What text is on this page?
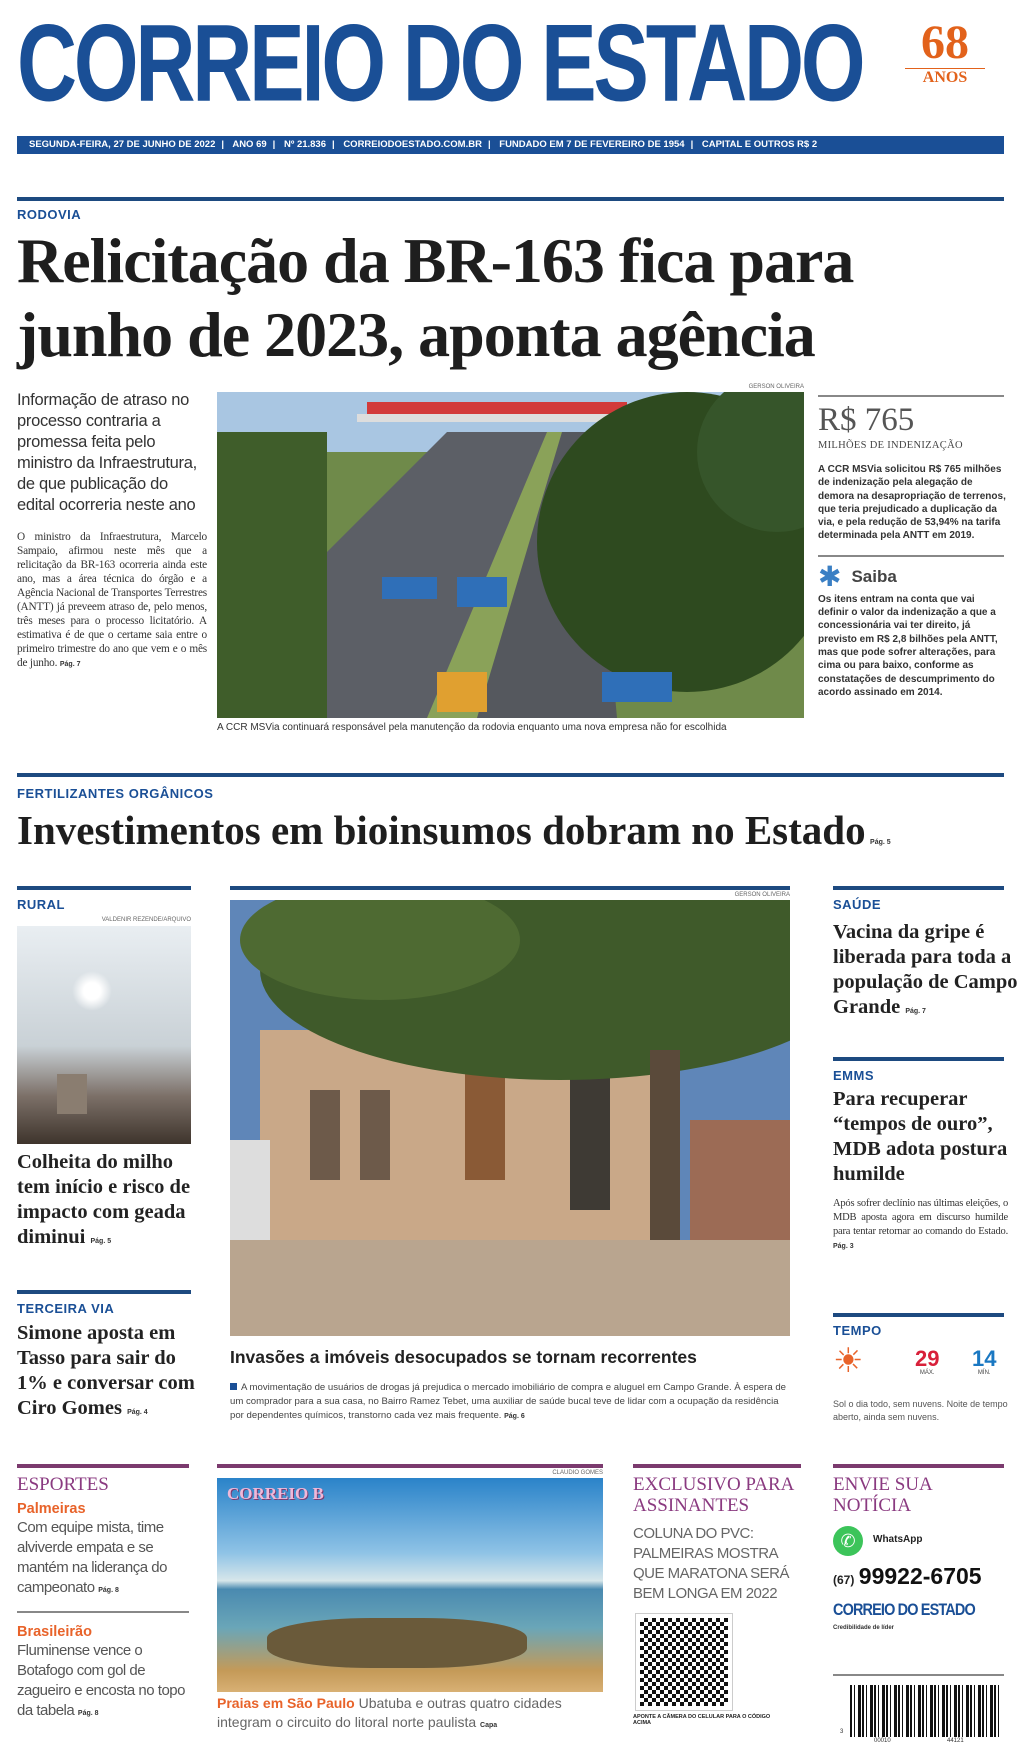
CORREIO DO ESTADO	68
ANOS
SEGUNDA-FEIRA, 27 DE JUNHO DE 2022 | ANO 69 | Nº 21.836 | CORREIODOESTADO.COM.BR | FUNDADO EM 7 DE FEVEREIRO DE 1954 | CAPITAL E OUTROS R$ 2
RODOVIA
Relicitação da BR-163 fica para junho de 2023, aponta agência
Informação de atraso no processo contraria a promessa feita pelo ministro da Infraestrutura, de que publicação do edital ocorreria neste ano
O ministro da Infraestrutura, Marcelo Sampaio, afirmou neste mês que a relicitação da BR-163 ocorreria ainda este ano, mas a área técnica do órgão e a Agência Nacional de Transportes Terrestres (ANTT) já preveem atraso de, pelo menos, três meses para o processo licitatório. A estimativa é de que o certame saia entre o primeiro trimestre do ano que vem e o mês de junho. Pág. 7
GERSON OLIVEIRA
A CCR MSVia continuará responsável pela manutenção da rodovia enquanto uma nova empresa não for escolhida
R$ 765
MILHÕES DE INDENIZAÇÃO
A CCR MSVia solicitou R$ 765 milhões de indenização pela alegação de demora na desapropriação de terrenos, que teria prejudicado a duplicação da via, e pela redução de 53,94% na tarifa determinada pela ANTT em 2019.
✱ Saiba
Os itens entram na conta que vai definir o valor da indenização a que a concessionária vai ter direito, já previsto em R$ 2,8 bilhões pela ANTT, mas que pode sofrer alterações, para cima ou para baixo, conforme as constatações de descumprimento do acordo assinado em 2014.
FERTILIZANTES ORGÂNICOS
Investimentos em bioinsumos dobram no Estado Pág. 5
RURAL
VALDENIR REZENDE/ARQUIVO
Colheita do milho tem início e risco de impacto com geada diminui Pág. 5
TERCEIRA VIA
Simone aposta em Tasso para sair do 1% e conversar com Ciro Gomes Pág. 4
GERSON OLIVEIRA
Invasões a imóveis desocupados se tornam recorrentes
A movimentação de usuários de drogas já prejudica o mercado imobiliário de compra e aluguel em Campo Grande. À espera de um comprador para a sua casa, no Bairro Ramez Tebet, uma auxiliar de saúde bucal teve de lidar com a ocupação da residência por dependentes químicos, transtorno cada vez mais frequente. Pág. 6
SAÚDE
Vacina da gripe é liberada para toda a população de Campo Grande Pág. 7
EMMS
Para recuperar “tempos de ouro”, MDB adota postura humilde
Após sofrer declínio nas últimas eleições, o MDB aposta agora em discurso humilde para tentar retornar ao comando do Estado. Pág. 3
TEMPO
☀ 29
MÁX.
14
MÍN.
Sol o dia todo, sem nuvens. Noite de tempo aberto, ainda sem nuvens.
ESPORTES
Palmeiras
Com equipe mista, time alviverde empata e se mantém na liderança do campeonato Pág. 8
Brasileirão
Fluminense vence o Botafogo com gol de zagueiro e encosta no topo da tabela Pág. 8
CLAUDIO GOMES
CORREIO B
Praias em São Paulo Ubatuba e outras quatro cidades integram o circuito do litoral norte paulista Capa
EXCLUSIVO PARA ASSINANTES
COLUNA DO PVC: PALMEIRAS MOSTRA QUE MARATONA SERÁ BEM LONGA EM 2022
APONTE A CÂMERA DO CELULAR PARA O CÓDIGO ACIMA
ENVIE SUA NOTÍCIA
✆	WhatsApp
(67) 99922-6705
CORREIO DO ESTADO
Credibilidade de líder
3
00010	44121
